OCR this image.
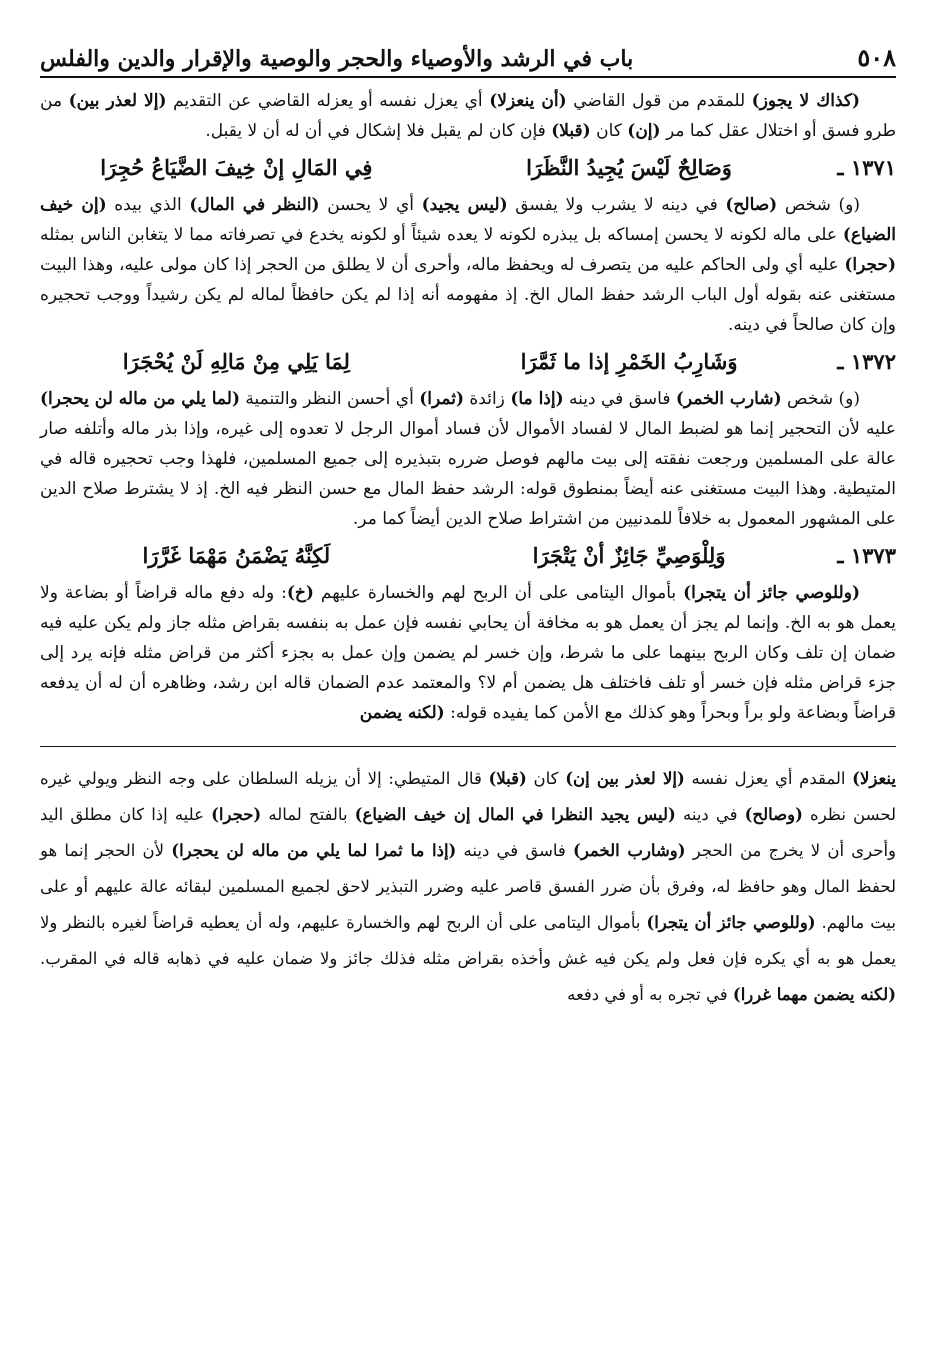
٥٠٨
باب في الرشد والأوصياء والحجر والوصية والإقرار والدين والفلس

(كذاك لا يجوز) للمقدم من قول القاضي (أن ينعزلا) أي يعزل نفسه أو يعزله القاضي عن التقديم (إلا لعذر بين) من طرو فسق أو اختلال عقل كما مر (إن) كان (قبلا) فإن كان لم يقبل فلا إشكال في أن له أن لا يقبل.

١٣٧١ ـ
وَصَالِحٌ لَيْسَ يُجِيدُ النَّظَرَا
فِي المَالِ إنْ خِيفَ الضَّيَاعُ حُجِرَا

(و) شخص (صالح) في دينه لا يشرب ولا يفسق (ليس يجيد) أي لا يحسن (النظر في المال) الذي بيده (إن خيف الضياع) على ماله لكونه لا يحسن إمساكه بل يبذره لكونه لا يعده شيئاً أو لكونه يخدع في تصرفاته مما لا يتغابن الناس بمثله (حجرا) عليه أي ولى الحاكم عليه من يتصرف له ويحفظ ماله، وأحرى أن لا يطلق من الحجر إذا كان مولى عليه، وهذا البيت مستغنى عنه بقوله أول الباب الرشد حفظ المال الخ. إذ مفهومه أنه إذا لم يكن حافظاً لماله لم يكن رشيداً ووجب تحجيره وإن كان صالحاً في دينه.

١٣٧٢ ـ
وَشَارِبُ الخَمْرِ إذا ما ثَمَّرَا
لِمَا يَلِي مِنْ مَالِهِ لَنْ يُحْجَرَا

(و) شخص (شارب الخمر) فاسق في دينه (إذا ما) زائدة (ثمرا) أي أحسن النظر والتنمية (لما يلي من ماله لن يحجرا) عليه لأن التحجير إنما هو لضبط المال لا لفساد الأموال لأن فساد أموال الرجل لا تعدوه إلى غيره، وإذا بذر ماله وأتلفه صار عالة على المسلمين ورجعت نفقته إلى بيت مالهم فوصل ضرره بتبذيره إلى جميع المسلمين، فلهذا وجب تحجيره قاله في المتيطية. وهذا البيت مستغنى عنه أيضاً بمنطوق قوله: الرشد حفظ المال مع حسن النظر فيه الخ. إذ لا يشترط صلاح الدين على المشهور المعمول به خلافاً للمدنيين من اشتراط صلاح الدين أيضاً كما مر.

١٣٧٣ ـ
وَلِلْوَصِيِّ جَائِزٌ أنْ يَتْجَرَا
لَكِنَّهُ يَضْمَنُ مَهْمَا غَرَّرَا

(وللوصي جائز أن يتجرا) بأموال اليتامى على أن الربح لهم والخسارة عليهم (خ): وله دفع ماله قراضاً أو بضاعة ولا يعمل هو به الخ. وإنما لم يجز أن يعمل هو به مخافة أن يحابي نفسه فإن عمل به بنفسه بقراض مثله جاز ولم يكن عليه فيه ضمان إن تلف وكان الربح بينهما على ما شرط، وإن خسر لم يضمن وإن عمل به بجزء أكثر من قراض مثله فإنه يرد إلى جزء قراض مثله فإن خسر أو تلف فاختلف هل يضمن أم لا؟ والمعتمد عدم الضمان قاله ابن رشد، وظاهره أن له أن يدفعه قراضاً وبضاعة ولو براً وبحراً وهو كذلك مع الأمن كما يفيده قوله: (لكنه يضمن

ينعزلا) المقدم أي يعزل نفسه (إلا لعذر بين إن) كان (قبلا) قال المتيطي: إلا أن يزيله السلطان على وجه النظر ويولي غيره لحسن نظره (وصالح) في دينه (ليس يجيد النظرا في المال إن خيف الضياع) بالفتح لماله (حجرا) عليه إذا كان مطلق اليد وأحرى أن لا يخرج من الحجر (وشارب الخمر) فاسق في دينه (إذا ما ثمرا لما يلي من ماله لن يحجرا) لأن الحجر إنما هو لحفظ المال وهو حافظ له، وفرق بأن ضرر الفسق قاصر عليه وضرر التبذير لاحق لجميع المسلمين لبقائه عالة عليهم أو على بيت مالهم. (وللوصي جائز أن يتجرا) بأموال اليتامى على أن الربح لهم والخسارة عليهم، وله أن يعطيه قراضاً لغيره بالنظر ولا يعمل هو به أي يكره فإن فعل ولم يكن فيه غش وأخذه بقراض مثله فذلك جائز ولا ضمان عليه في ذهابه قاله في المقرب. (لكنه يضمن مهما غررا) في تجره به أو في دفعه
